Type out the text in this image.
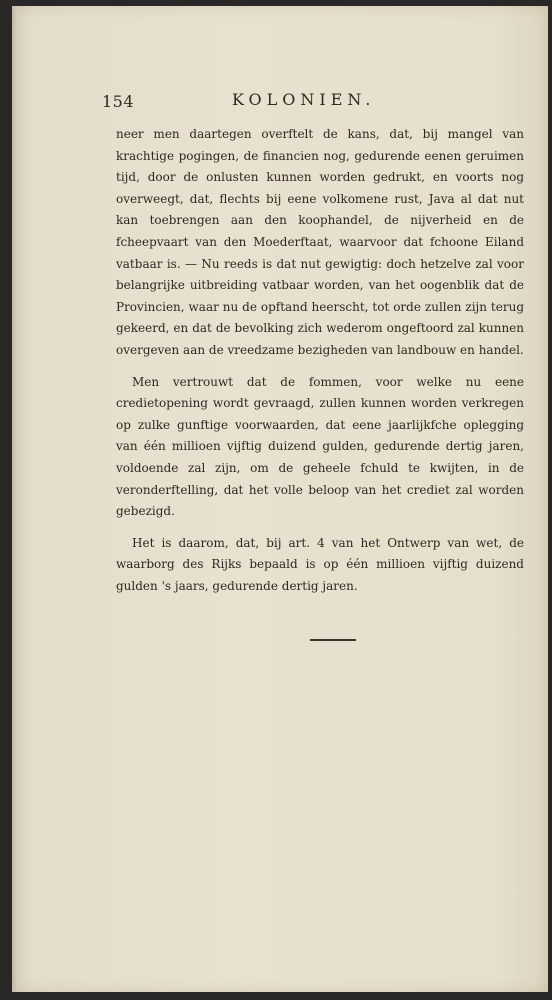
154	KOLONIEN.

neer men daartegen overftelt de kans, dat, bij mangel van krachtige pogingen, de financien nog, gedurende eenen geruimen tijd, door de onlusten kunnen worden gedrukt, en voorts nog overweegt, dat, flechts bij eene volkomene rust, Java al dat nut kan toebrengen aan den koophandel, de nijverheid en de fcheepvaart van den Moederftaat, waarvoor dat fchoone Eiland vatbaar is. — Nu reeds is dat nut gewigtig: doch hetzelve zal voor belangrijke uitbreiding vatbaar worden, van het oogenblik dat de Provincien, waar nu de opftand heerscht, tot orde zullen zijn terug gekeerd, en dat de bevolking zich wederom ongeftoord zal kunnen overgeven aan de vreedzame bezigheden van landbouw en handel.

Men vertrouwt dat de fommen, voor welke nu eene credietopening wordt gevraagd, zullen kunnen worden verkregen op zulke gunftige voorwaarden, dat eene jaarlijkfche oplegging van één millioen vijftig duizend gulden, gedurende dertig jaren, voldoende zal zijn, om de geheele fchuld te kwijten, in de veronderftelling, dat het volle beloop van het crediet zal worden gebezigd.

Het is daarom, dat, bij art. 4 van het Ontwerp van wet, de waarborg des Rijks bepaald is op één millioen vijftig duizend gulden 's jaars, gedurende dertig jaren.
